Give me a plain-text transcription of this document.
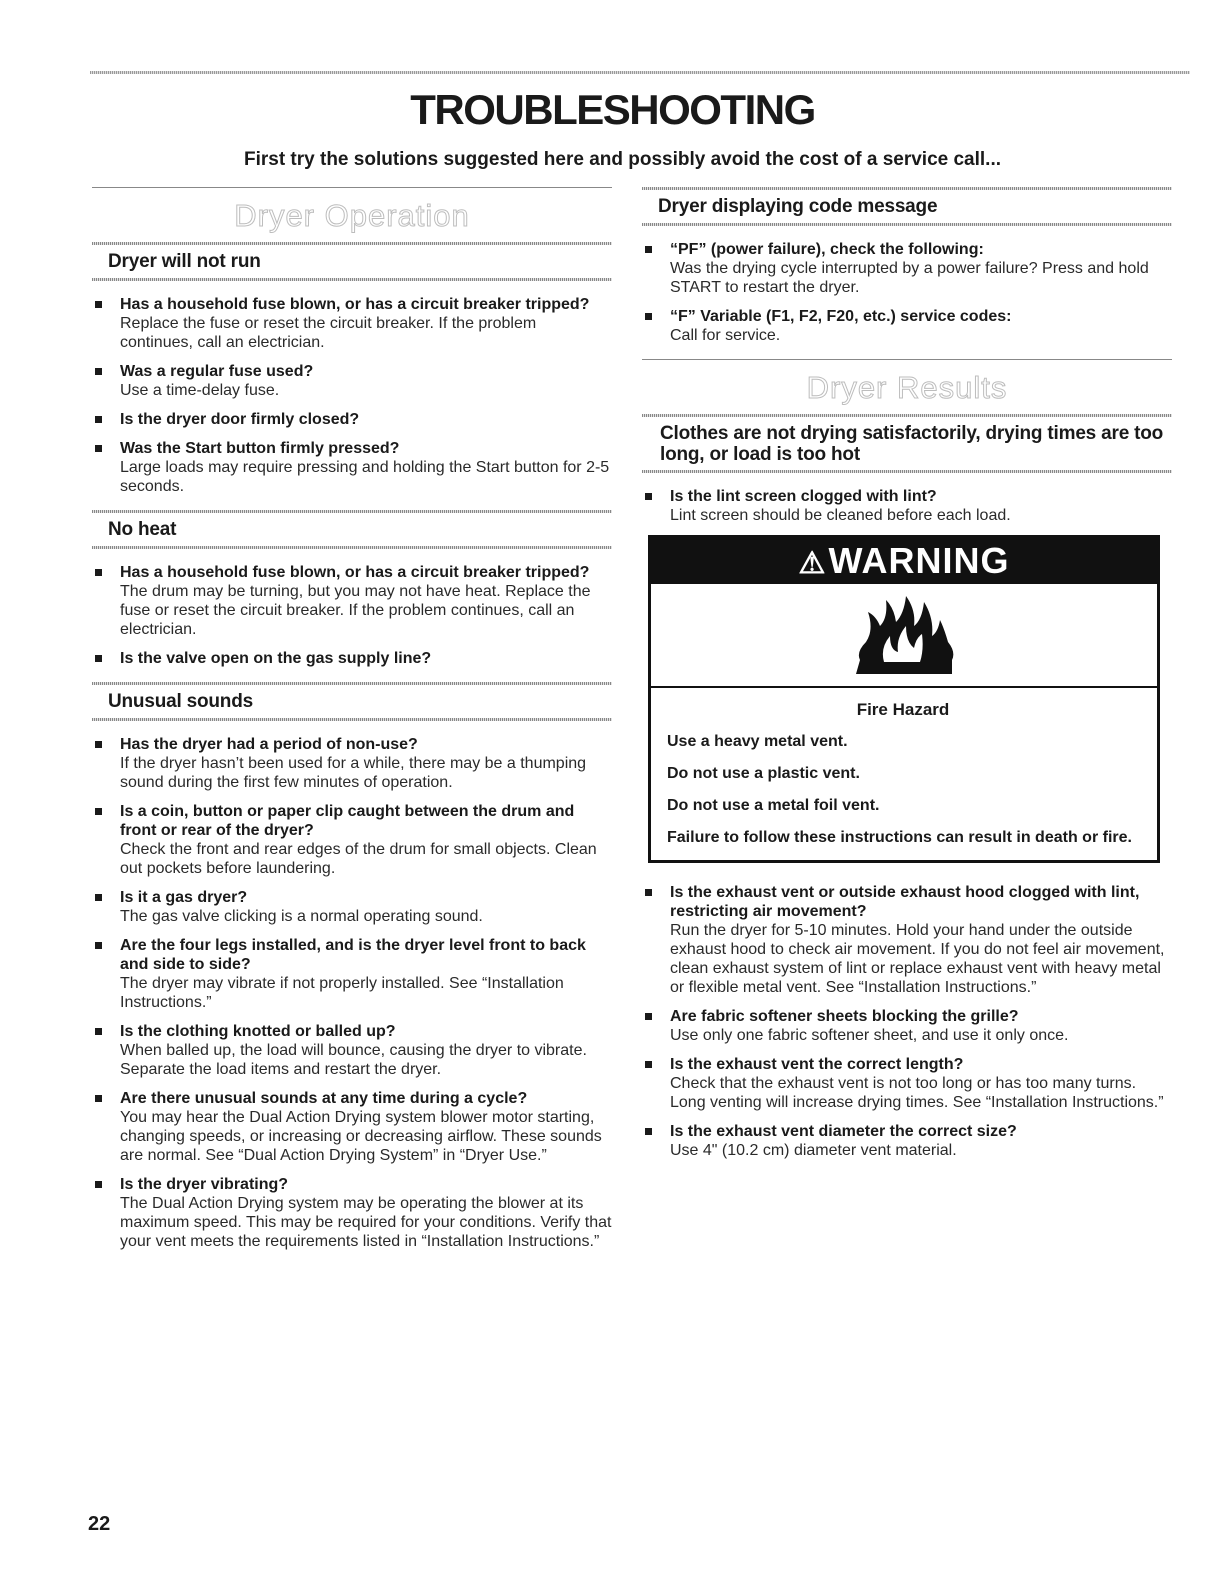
TROUBLESHOOTING
First try the solutions suggested here and possibly avoid the cost of a service call...
Dryer Operation
Dryer will not run
Has a household fuse blown, or has a circuit breaker tripped?
Replace the fuse or reset the circuit breaker. If the problem continues, call an electrician.
Was a regular fuse used?
Use a time-delay fuse.
Is the dryer door firmly closed?
Was the Start button firmly pressed?
Large loads may require pressing and holding the Start button for 2-5 seconds.
No heat
Has a household fuse blown, or has a circuit breaker tripped?
The drum may be turning, but you may not have heat. Replace the fuse or reset the circuit breaker. If the problem continues, call an electrician.
Is the valve open on the gas supply line?
Unusual sounds
Has the dryer had a period of non-use?
If the dryer hasn’t been used for a while, there may be a thumping sound during the first few minutes of operation.
Is a coin, button or paper clip caught between the drum and front or rear of the dryer?
Check the front and rear edges of the drum for small objects. Clean out pockets before laundering.
Is it a gas dryer?
The gas valve clicking is a normal operating sound.
Are the four legs installed, and is the dryer level front to back and side to side?
The dryer may vibrate if not properly installed. See “Installation Instructions.”
Is the clothing knotted or balled up?
When balled up, the load will bounce, causing the dryer to vibrate. Separate the load items and restart the dryer.
Are there unusual sounds at any time during a cycle?
You may hear the Dual Action Drying system blower motor starting, changing speeds, or increasing or decreasing airflow. These sounds are normal. See “Dual Action Drying System” in “Dryer Use.”
Is the dryer vibrating?
The Dual Action Drying system may be operating the blower at its maximum speed. This may be required for your conditions. Verify that your vent meets the requirements listed in “Installation Instructions.”
Dryer displaying code message
“PF” (power failure), check the following:
Was the drying cycle interrupted by a power failure? Press and hold START to restart the dryer.
“F” Variable (F1, F2, F20, etc.) service codes:
Call for service.
Dryer Results
Clothes are not drying satisfactorily, drying times are too long, or load is too hot
Is the lint screen clogged with lint?
Lint screen should be cleaned before each load.
⚠WARNING
Fire Hazard

Use a heavy metal vent.

Do not use a plastic vent.

Do not use a metal foil vent.

Failure to follow these instructions can result in death or fire.

Is the exhaust vent or outside exhaust hood clogged with lint, restricting air movement?
Run the dryer for 5-10 minutes. Hold your hand under the outside exhaust hood to check air movement. If you do not feel air movement, clean exhaust system of lint or replace exhaust vent with heavy metal or flexible metal vent. See “Installation Instructions.”
Are fabric softener sheets blocking the grille?
Use only one fabric softener sheet, and use it only once.
Is the exhaust vent the correct length?
Check that the exhaust vent is not too long or has too many turns. Long venting will increase drying times. See “Installation Instructions.”
Is the exhaust vent diameter the correct size?
Use 4" (10.2 cm) diameter vent material.
22
